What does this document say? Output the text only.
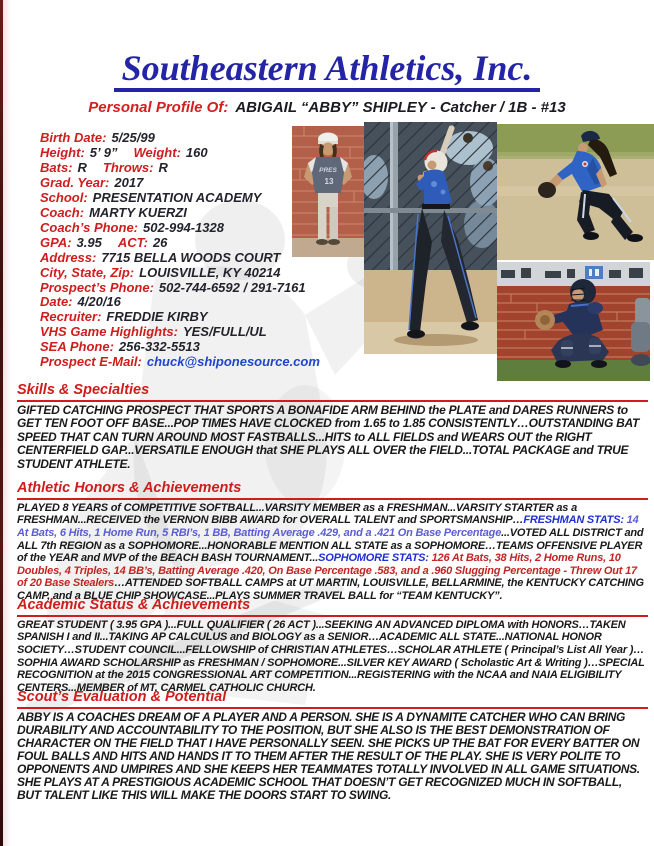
Southeastern Athletics, Inc.
Personal Profile Of: ABIGAIL “ABBY” SHIPLEY - Catcher / 1B - #13
Birth Date: 5/25/99
Height: 5’ 9” Weight: 160
Bats: R Throws: R
Grad. Year: 2017
School: PRESENTATION ACADEMY
Coach: MARTY KUERZI
Coach’s Phone: 502-994-1328
GPA: 3.95 ACT: 26
Address: 7715 BELLA WOODS COURT
City, State, Zip: LOUISVILLE, KY 40214
Prospect’s Phone: 502-744-6592 / 291-7161
Date: 4/20/16
Recruiter: FREDDIE KIRBY
VHS Game Highlights: YES/FULL/UL
SEA Phone: 256-332-5513
Prospect E-Mail: chuck@shiponesource.com
PRES
13
Skills & Specialties

GIFTED CATCHING PROSPECT THAT SPORTS A BONAFIDE ARM BEHIND the PLATE and DARES RUNNERS to GET TEN FOOT OFF BASE...POP TIMES HAVE CLOCKED from 1.65 to 1.85 CONSISTENTLY…OUTSTANDING BAT SPEED THAT CAN TURN AROUND MOST FASTBALLS...HITS to ALL FIELDS and WEARS OUT the RIGHT CENTERFIELD GAP...VERSATILE ENOUGH that SHE PLAYS ALL OVER the FIELD...TOTAL PACKAGE and TRUE STUDENT ATHLETE.

Athletic Honors & Achievements

PLAYED 8 YEARS of COMPETITIVE SOFTBALL...VARSITY MEMBER as a FRESHMAN...VARSITY STARTER as a FRESHMAN...RECEIVED the VERNON BIBB AWARD for OVERALL TALENT and SPORTSMANSHIP…FRESHMAN STATS: 14 At Bats, 6 Hits, 1 Home Run, 5 RBI’s, 1 BB, Batting Average .429, and a .421 On Base Percentage...VOTED ALL DISTRICT and ALL 7th REGION as a SOPHOMORE...HONORABLE MENTION ALL STATE as a SOPHOMORE…TEAMS OFFENSIVE PLAYER of the YEAR and MVP of the BEACH BASH TOURNAMENT...SOPHOMORE STATS: 126 At Bats, 38 Hits, 2 Home Runs, 10 Doubles, 4 Triples, 14 BB’s, Batting Average .420, On Base Percentage .583, and a .960 Slugging Percentage - Threw Out 17 of 20 Base Stealers…ATTENDED SOFTBALL CAMPS at UT MARTIN, LOUISVILLE, BELLARMINE, the KENTUCKY CATCHING CAMP, and a BLUE CHIP SHOWCASE...PLAYS SUMMER TRAVEL BALL for “TEAM KENTUCKY”.

Academic Status & Achievements

GREAT STUDENT ( 3.95 GPA )...FULL QUALIFIER ( 26 ACT )...SEEKING AN ADVANCED DIPLOMA with HONORS…TAKEN SPANISH I and II...TAKING AP CALCULUS and BIOLOGY as a SENIOR…ACADEMIC ALL STATE...NATIONAL HONOR SOCIETY…STUDENT COUNCIL...FELLOWSHIP of CHRISTIAN ATHLETES…SCHOLAR ATHLETE ( Principal’s List All Year )…SOPHIA AWARD SCHOLARSHIP as FRESHMAN / SOPHOMORE...SILVER KEY AWARD ( Scholastic Art & Writing )…SPECIAL RECOGNITION at the 2015 CONGRESSIONAL ART COMPETITION...REGISTERING with the NCAA and NAIA ELIGIBILITY CENTERS...MEMBER of MT. CARMEL CATHOLIC CHURCH.

Scout’s Evaluation & Potential

ABBY IS A COACHES DREAM OF A PLAYER AND A PERSON. SHE IS A DYNAMITE CATCHER WHO CAN BRING DURABILITY AND ACCOUNTABILITY TO THE POSITION, BUT SHE ALSO IS THE BEST DEMONSTRATION OF CHARACTER ON THE FIELD THAT I HAVE PERSONALLY SEEN. SHE PICKS UP THE BAT FOR EVERY BATTER ON FOUL BALLS AND HITS AND HANDS IT TO THEM AFTER THE RESULT OF THE PLAY. SHE IS VERY POLITE TO OPPONENTS AND UMPIRES AND SHE KEEPS HER TEAMMATES TOTALLY INVOLVED IN ALL GAME SITUATIONS. SHE PLAYS AT A PRESTIGIOUS ACADEMIC SCHOOL THAT DOESN’T GET RECOGNIZED MUCH IN SOFTBALL, BUT TALENT LIKE THIS WILL MAKE THE DOORS START TO SWING.
